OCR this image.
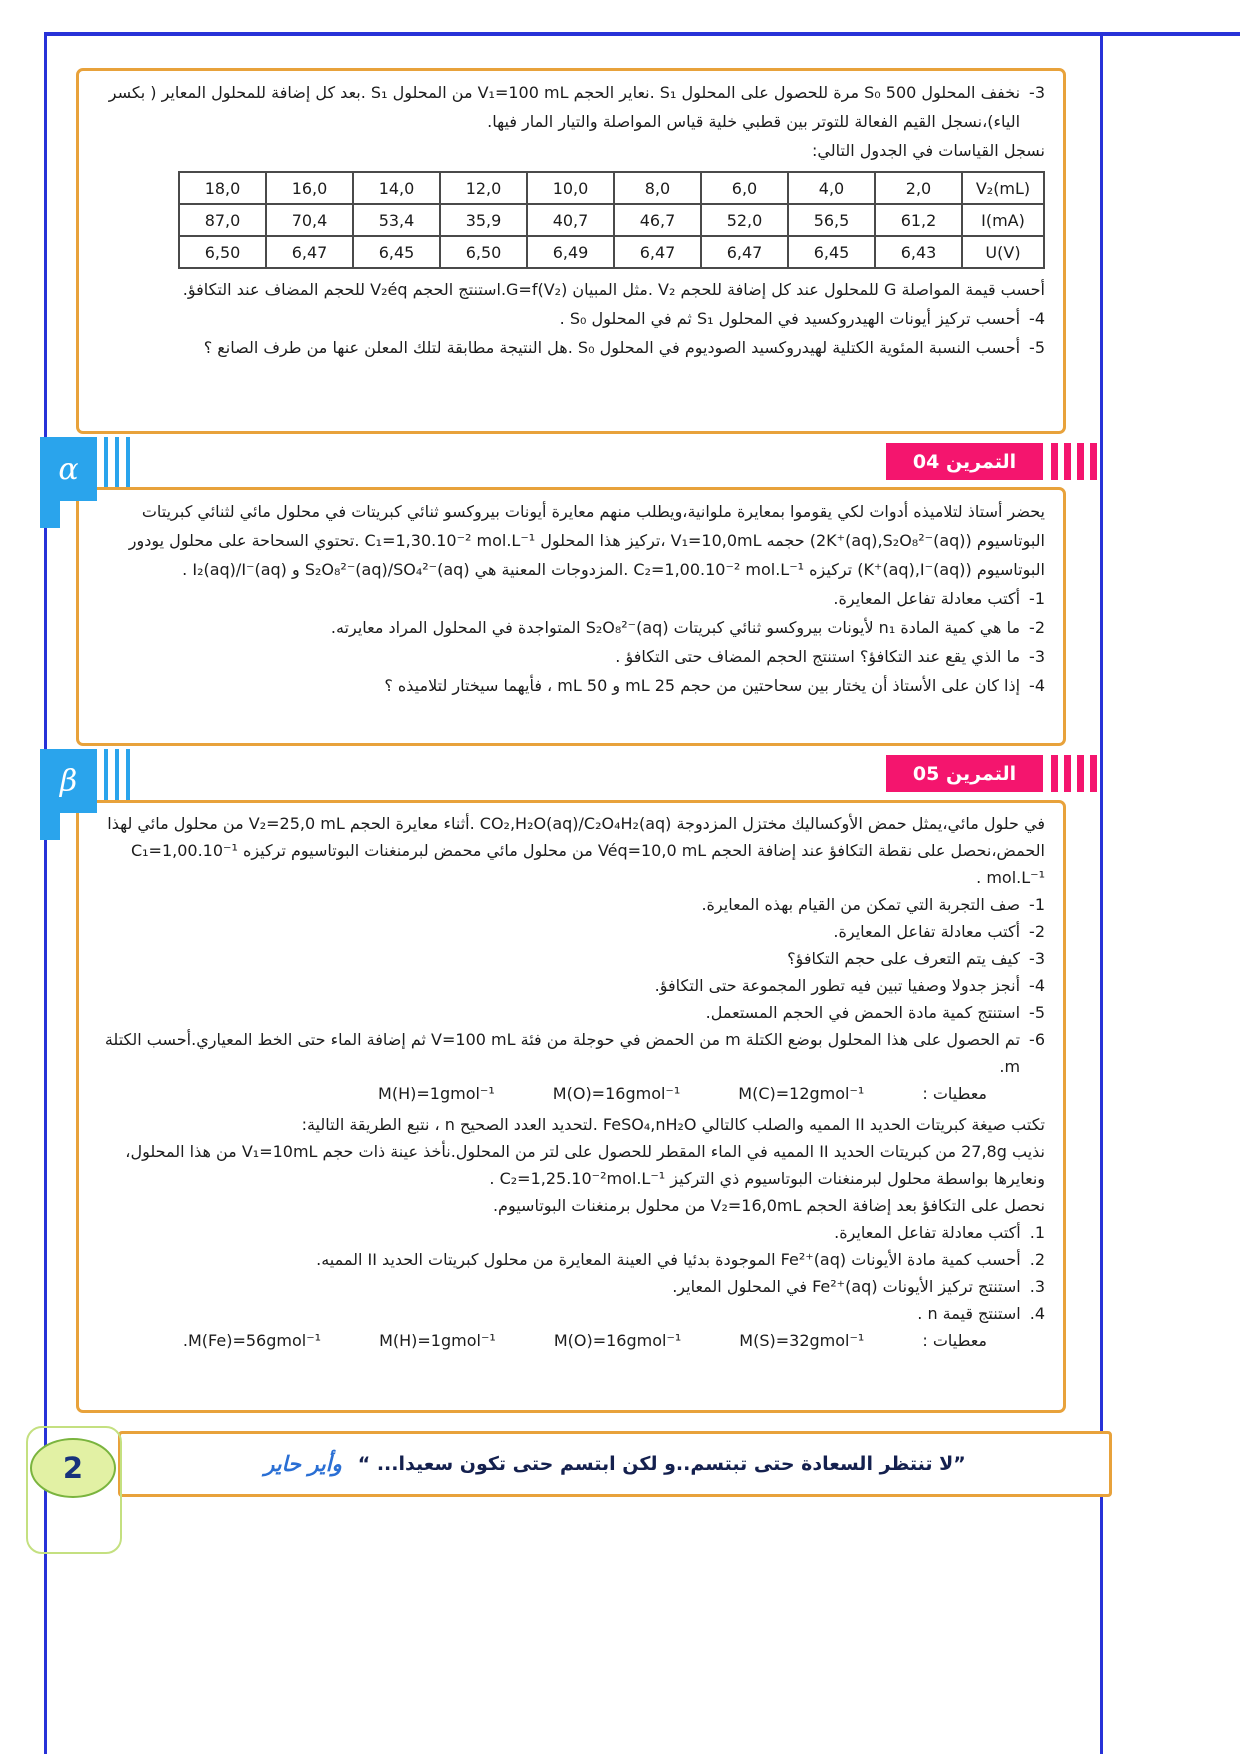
3-
نخفف المحلول 500 S₀ مرة للحصول على المحلول S₁ .نعاير الحجم V₁=100 mL من المحلول S₁ .بعد كل إضافة للمحلول المعاير ( بكسر الياء)،نسجل القيم الفعالة للتوتر بين قطبي خلية قياس المواصلة والتيار المار فيها.

نسجل القياسات في الجدول التالي:

18,0	16,0	14,0	12,0	10,0	8,0	6,0	4,0	2,0	V₂(mL)
87,0	70,4	53,4	35,9	40,7	46,7	52,0	56,5	61,2	I(mA)
6,50	6,47	6,45	6,50	6,49	6,47	6,47	6,45	6,43	U(V)

أحسب قيمة المواصلة G للمحلول عند كل إضافة للحجم V₂ .مثل المبيان G=f(V₂).استنتج الحجم V₂éq للحجم المضاف عند التكافؤ.

4-
أحسب تركيز أيونات الهيدروكسيد في المحلول S₁ ثم في المحلول S₀ .
5-
أحسب النسبة المئوية الكتلية لهيدروكسيد الصوديوم في المحلول S₀ .هل النتيجة مطابقة لتلك المعلن عنها من طرف الصانع ؟
α	التمرين 04

يحضر أستاذ لتلاميذه أدوات لكي يقوموا بمعايرة ملوانية،ويطلب منهم معايرة أيونات بيروكسو ثنائي كبريتات في محلول مائي لثنائي كبريتات البوتاسيوم (2K⁺(aq),S₂O₈²⁻(aq)) حجمه V₁=10,0mL ،تركيز هذا المحلول C₁=1,30.10⁻² mol.L⁻¹ .تحتوي السحاحة على محلول يودور البوتاسيوم (K⁺(aq),I⁻(aq)) تركيزه C₂=1,00.10⁻² mol.L⁻¹ .المزدوجات المعنية هي S₂O₈²⁻(aq)/SO₄²⁻(aq) و I₂(aq)/I⁻(aq) .

1-
أكتب معادلة تفاعل المعايرة.
2-
ما هي كمية المادة n₁ لأيونات بيروكسو ثنائي كبريتات S₂O₈²⁻(aq) المتواجدة في المحلول المراد معايرته.
3-
ما الذي يقع عند التكافؤ؟ استنتج الحجم المضاف حتى التكافؤ .
4-
إذا كان على الأستاذ أن يختار بين سحاحتين من حجم 25 mL و 50 mL ، فأيهما سيختار لتلاميذه ؟
β	التمرين 05

في حلول مائي،يمثل حمض الأوكساليك مختزل المزدوجة CO₂,H₂O(aq)/C₂O₄H₂(aq) .أثناء معايرة الحجم V₂=25,0 mL من محلول مائي لهذا الحمض،نحصل على نقطة التكافؤ عند إضافة الحجم Véq=10,0 mL من محلول مائي محمض لبرمنغنات البوتاسيوم تركيزه C₁=1,00.10⁻¹ mol.L⁻¹ .

1-
صف التجربة التي تمكن من القيام بهذه المعايرة.
2-
أكتب معادلة تفاعل المعايرة.
3-
كيف يتم التعرف على حجم التكافؤ؟
4-
أنجز جدولا وصفيا تبين فيه تطور المجموعة حتى التكافؤ.
5-
استنتج كمية مادة الحمض في الحجم المستعمل.
6-
تم الحصول على هذا المحلول بوضع الكتلة m من الحمض في حوجلة من فئة V=100 mL ثم إضافة الماء حتى الخط المعياري.أحسب الكتلة m.
معطيات :
M(C)=12gmol⁻¹
M(O)=16gmol⁻¹
M(H)=1gmol⁻¹

تكتب صيغة كبريتات الحديد II المميه والصلب كالتالي FeSO₄,nH₂O .لتحديد العدد الصحيح n ، نتبع الطريقة التالية:

نذيب 27,8g من كبريتات الحديد II المميه في الماء المقطر للحصول على لتر من المحلول.نأخذ عينة ذات حجم V₁=10mL من هذا المحلول، ونعايرها بواسطة محلول لبرمنغنات البوتاسيوم ذي التركيز C₂=1,25.10⁻²mol.L⁻¹ .

نحصل على التكافؤ بعد إضافة الحجم V₂=16,0mL من محلول برمنغنات البوتاسيوم.

1.
أكتب معادلة تفاعل المعايرة.
2.
أحسب كمية مادة الأيونات Fe²⁺(aq) الموجودة بدئيا في العينة المعايرة من محلول كبريتات الحديد II المميه.
3.
استنتج تركيز الأيونات Fe²⁺(aq) في المحلول المعاير.
4.
استنتج قيمة n .
معطيات :
M(S)=32gmol⁻¹
M(O)=16gmol⁻¹
M(H)=1gmol⁻¹
M(Fe)=56gmol⁻¹.
”لا تنتظر السعادة حتى تبتسم..و لكن ابتسم حتى تكون سعيدا... “
وأير حاير
2
